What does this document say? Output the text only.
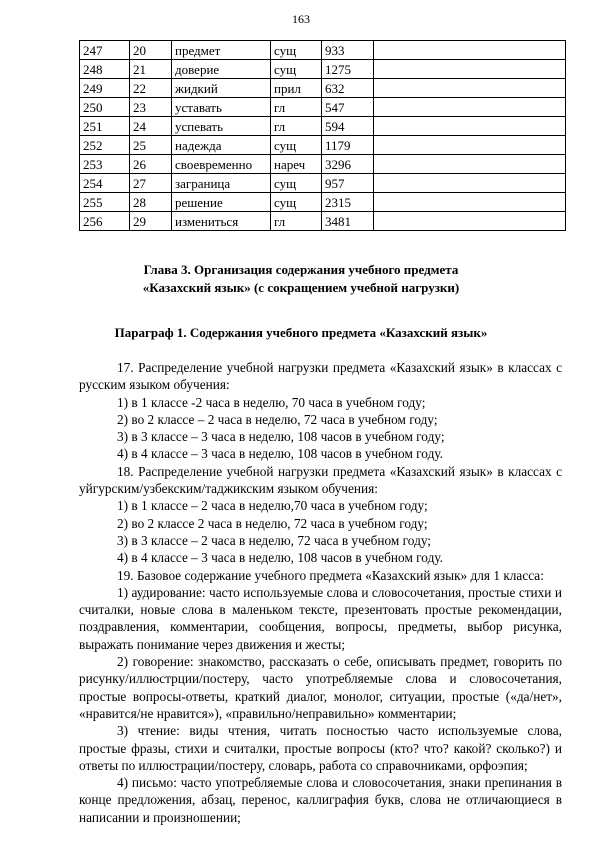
163
247	20	предмет	сущ	933	
248	21	доверие	сущ	1275	
249	22	жидкий	прил	632	
250	23	уставать	гл	547	
251	24	успевать	гл	594	
252	25	надежда	сущ	1179	
253	26	своевременно	нареч	3296	
254	27	заграница	сущ	957	
255	28	решение	сущ	2315	
256	29	измениться	гл	3481	
Глава 3. Организация содержания учебного предмета
«Казахский язык» (с сокращением учебной нагрузки)
Параграф 1. Содержания учебного предмета «Казахский язык»

17. Распределение учебной нагрузки предмета «Казахский язык» в классах с русским языком обучения:

1) в 1 классе -2 часа в неделю, 70 часа в учебном году;

2) во 2 классе – 2 часа в неделю, 72 часа в учебном году;

3) в 3 классе – 3 часа в неделю, 108 часов в учебном году;

4) в 4 классе – 3 часа в неделю, 108 часов в учебном году.

18. Распределение учебной нагрузки предмета «Казахский язык» в классах с уйгурским/узбекским/таджикским языком обучения:

1) в 1 классе – 2 часа в неделю,70 часа в учебном году;

2) во 2 классе 2 часа в неделю, 72 часа в учебном году;

3) в 3 классе – 2 часа в неделю, 72 часа в учебном году;

4) в 4 классе – 3 часа в неделю, 108 часов в учебном году.

19. Базовое содержание учебного предмета «Казахский язык» для 1 класса:

1) аудирование: часто используемые слова и словосочетания, простые стихи и считалки, новые слова в маленьком тексте, презентовать простые рекомендации, поздравления, комментарии, сообщения, вопросы, предметы, выбор рисунка, выражать понимание через движения и жесты;

2) говорение: знакомство, рассказать о себе, описывать предмет, говорить по рисунку/иллюстрции/постеру, часто употребляемые слова и словосочетания, простые вопросы-ответы, краткий диалог, монолог, ситуации, простые («да/нет», «нравится/не нравится»), «правильно/неправильно» комментарии;

3) чтение: виды чтения, читать посностью часто используемые слова, простые фразы, стихи и считалки, простые вопросы (кто? что? какой? сколько?) и ответы по иллюстрации/постеру, словарь, работа со справочниками, орфоэпия;

4) письмо: часто употребляемые слова и словосочетания, знаки препинания в конце предложения, абзац, перенос, каллиграфия букв, слова не отличающиеся в написании и произношении;
